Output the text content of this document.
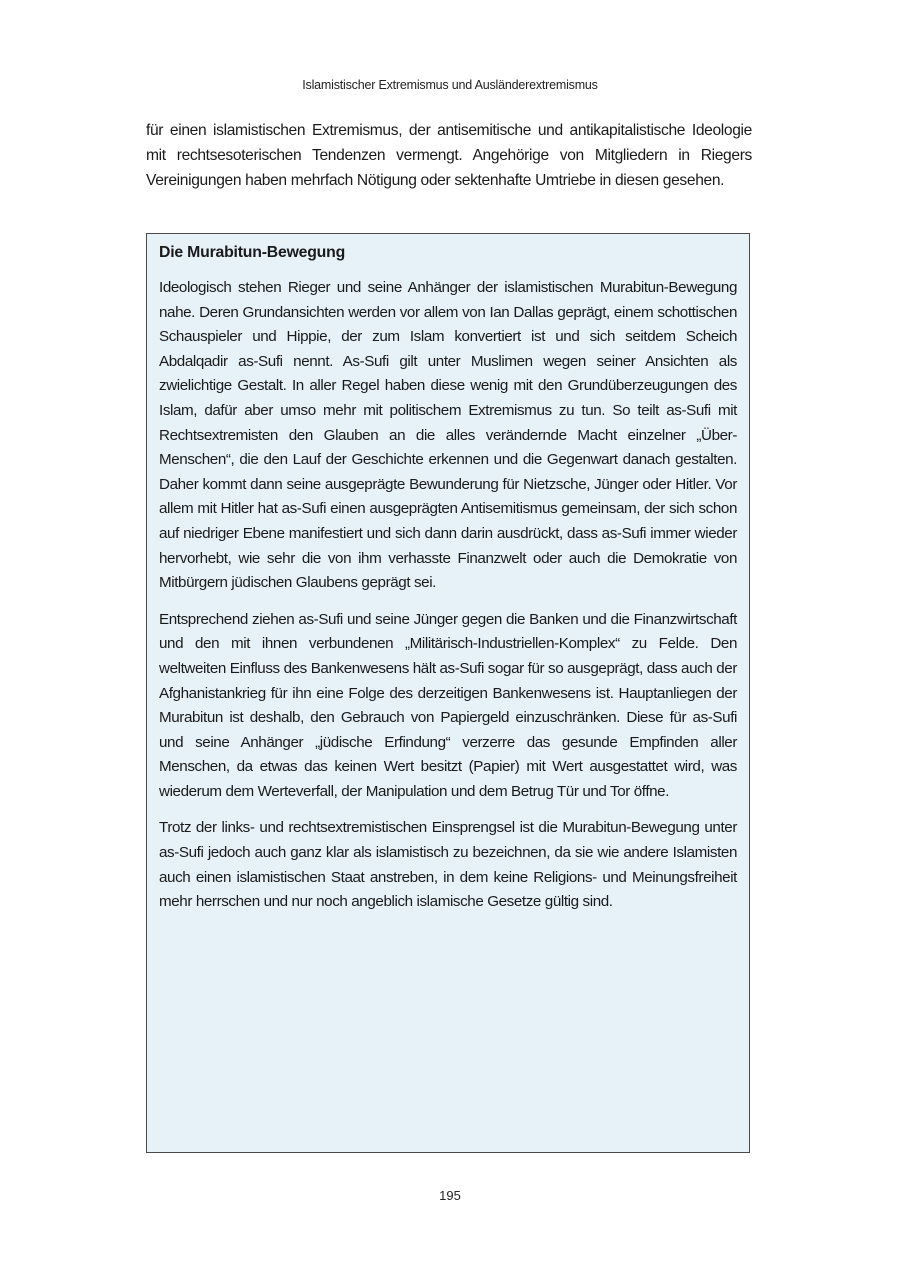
Islamistischer Extremismus und Ausländerextremismus

für einen islamistischen Extremismus, der antisemitische und antikapitalistische Ideologie mit rechtsesoterischen Tendenzen vermengt. Angehörige von Mitgliedern in Riegers Vereinigungen haben mehrfach Nötigung oder sektenhafte Umtriebe in diesen gesehen.

Die Murabitun-Bewegung

Ideologisch stehen Rieger und seine Anhänger der islamistischen Murabitun-Bewegung nahe. Deren Grundansichten werden vor allem von Ian Dallas geprägt, einem schottischen Schauspieler und Hippie, der zum Islam konvertiert ist und sich seitdem Scheich Abdalqadir as-Sufi nennt. As-Sufi gilt unter Muslimen wegen seiner Ansichten als zwielichtige Gestalt. In aller Regel haben diese wenig mit den Grundüberzeugungen des Islam, dafür aber umso mehr mit politischem Extremismus zu tun. So teilt as-Sufi mit Rechtsextremisten den Glauben an die alles verändernde Macht einzelner „Über-Menschen“, die den Lauf der Geschichte erkennen und die Gegenwart danach gestalten. Daher kommt dann seine ausgeprägte Bewunderung für Nietzsche, Jünger oder Hitler. Vor allem mit Hitler hat as-Sufi einen ausgeprägten Antisemitismus gemeinsam, der sich schon auf niedriger Ebene manifestiert und sich dann darin ausdrückt, dass as-Sufi immer wieder hervorhebt, wie sehr die von ihm verhasste Finanzwelt oder auch die Demokratie von Mitbürgern jüdischen Glaubens geprägt sei.

Entsprechend ziehen as-Sufi und seine Jünger gegen die Banken und die Finanzwirtschaft und den mit ihnen verbundenen „Militärisch-Industriellen-Komplex“ zu Felde. Den weltweiten Einfluss des Bankenwesens hält as-Sufi sogar für so ausgeprägt, dass auch der Afghanistankrieg für ihn eine Folge des derzeitigen Bankenwesens ist. Hauptanliegen der Murabitun ist deshalb, den Gebrauch von Papiergeld einzuschränken. Diese für as-Sufi und seine Anhänger „jüdische Erfindung“ verzerre das gesunde Empfinden aller Menschen, da etwas das keinen Wert besitzt (Papier) mit Wert ausgestattet wird, was wiederum dem Werteverfall, der Manipulation und dem Betrug Tür und Tor öffne.

Trotz der links- und rechtsextremistischen Einsprengsel ist die Murabitun-Bewegung unter as-Sufi jedoch auch ganz klar als islamistisch zu bezeichnen, da sie wie andere Islamisten auch einen islamistischen Staat anstreben, in dem keine Religions- und Meinungsfreiheit mehr herrschen und nur noch angeblich islamische Gesetze gültig sind.

195
